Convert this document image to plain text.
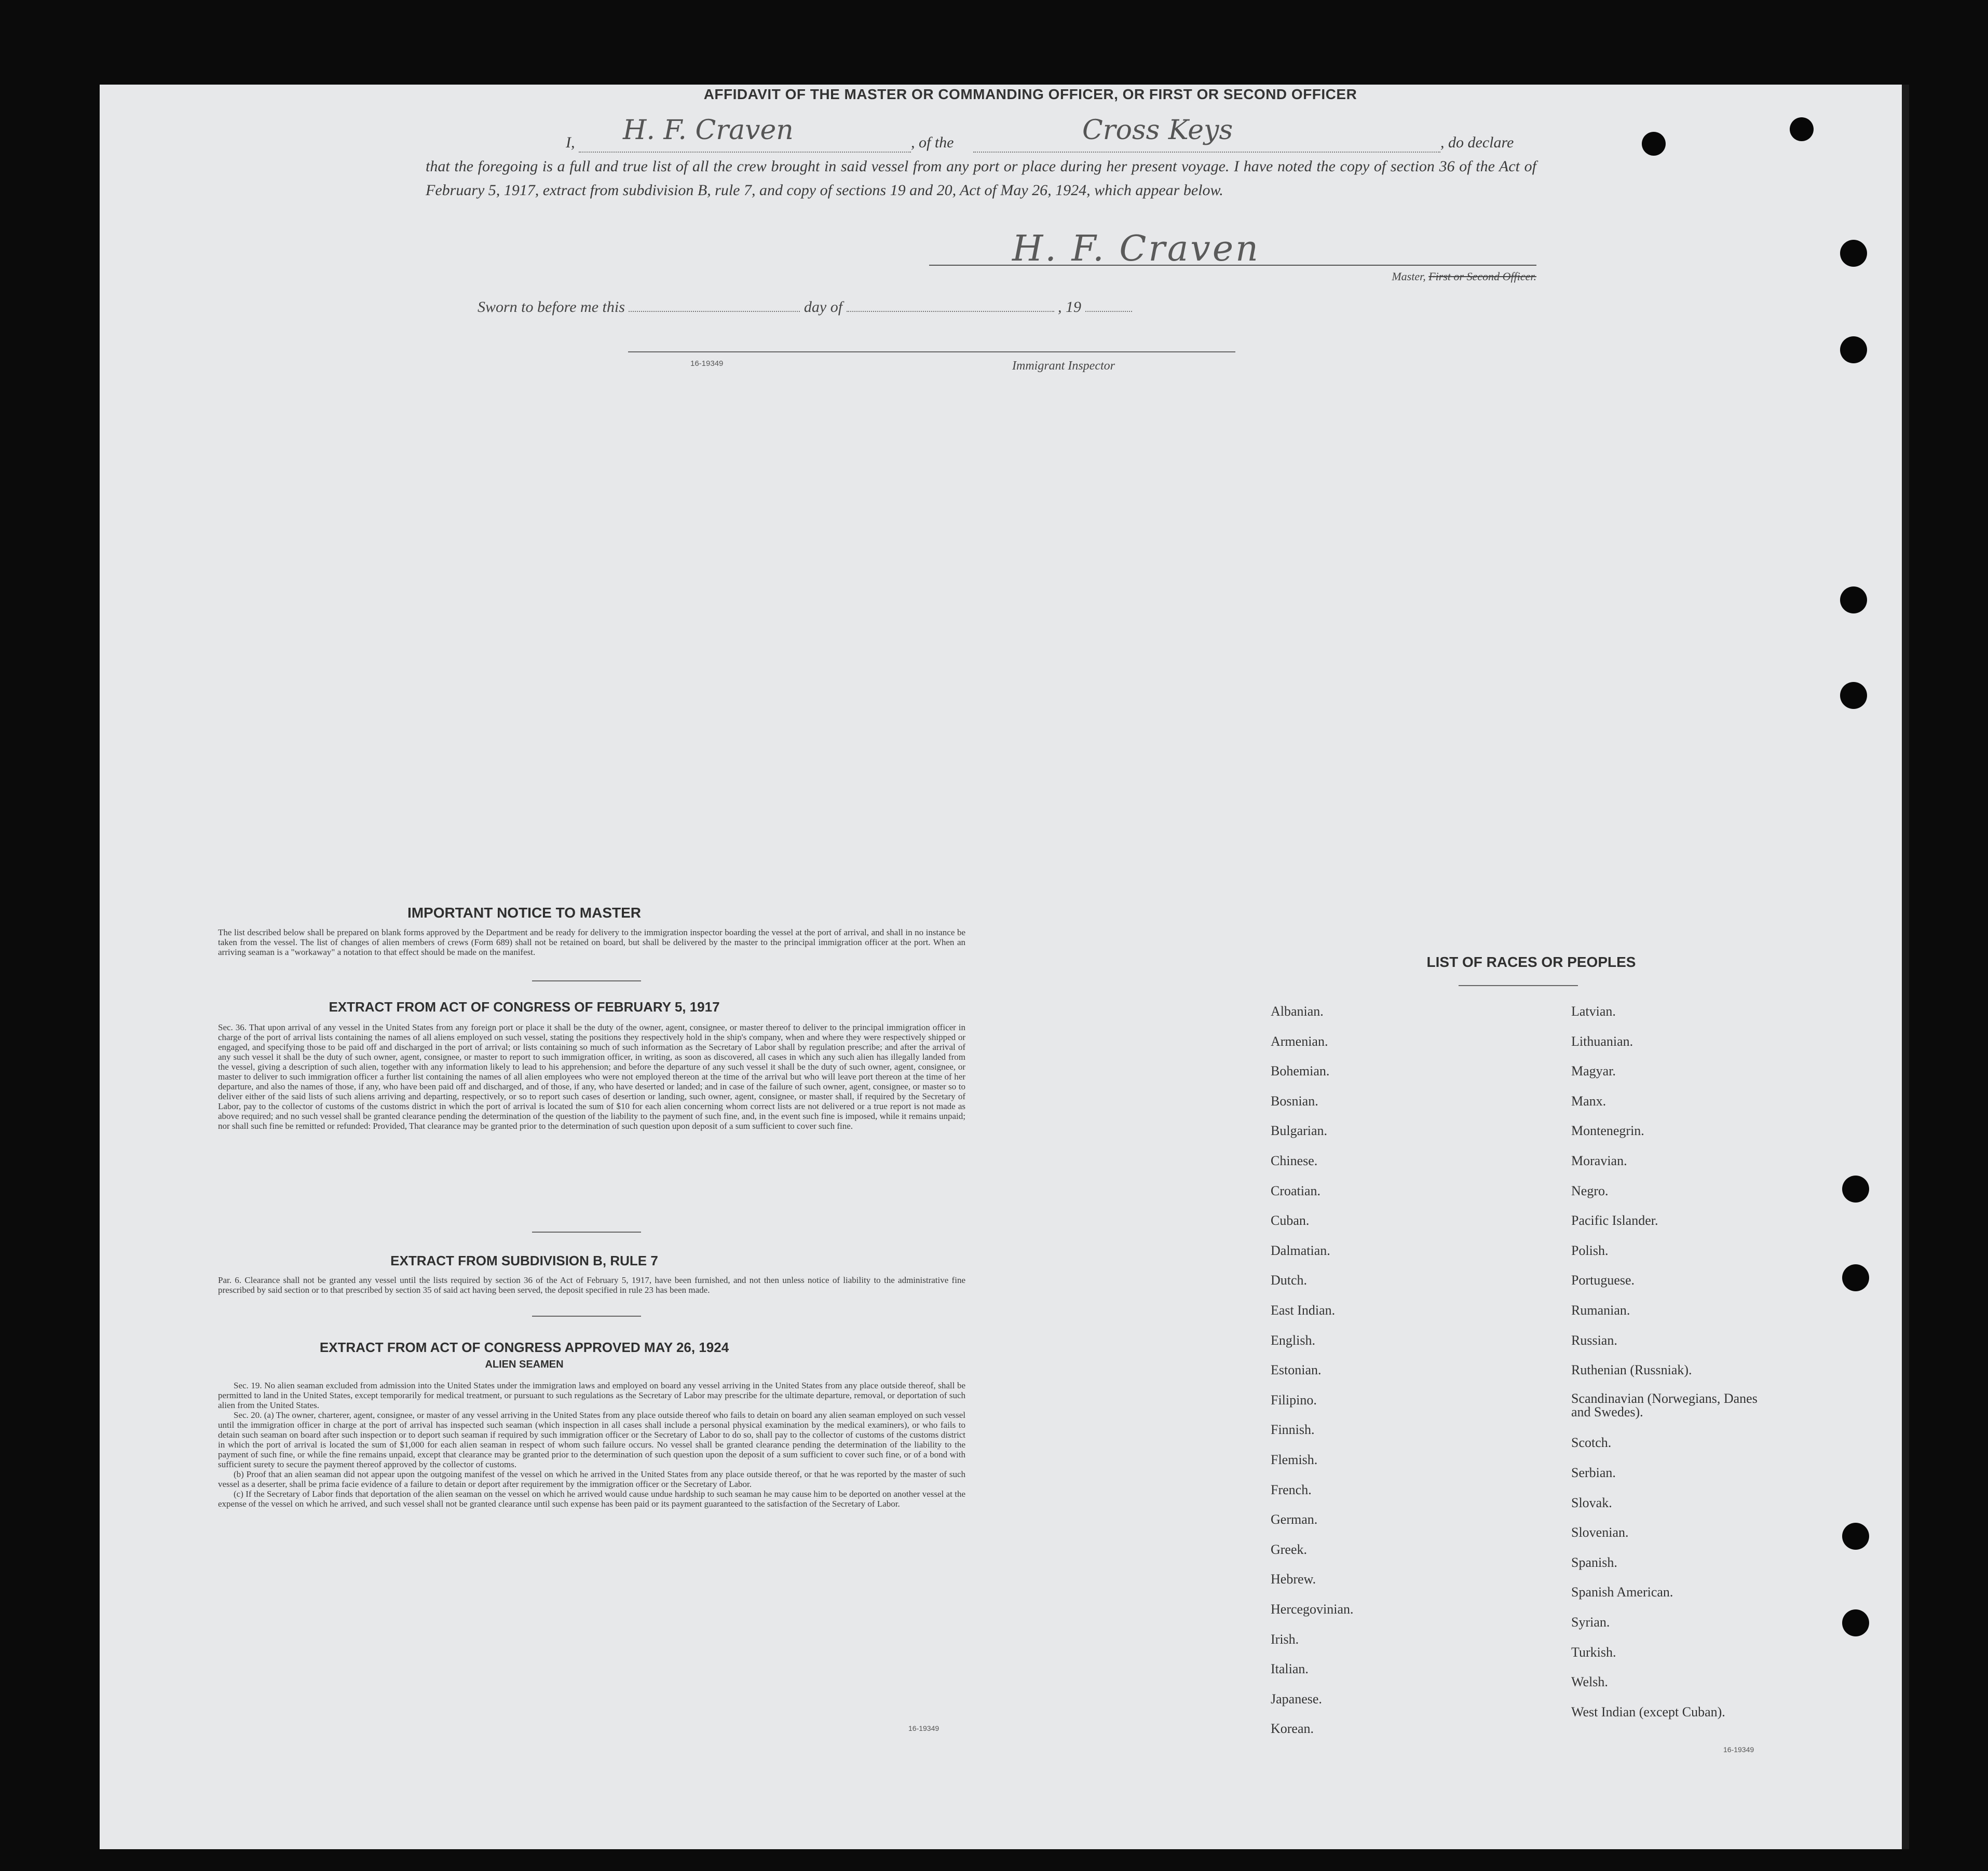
AFFIDAVIT OF THE MASTER OR COMMANDING OFFICER, OR FIRST OR SECOND OFFICER
I, H. F. Craven	, of the	Cross Keys	, do declare
that the foregoing is a full and true list of all the crew brought in said vessel from any port or place during her present voyage. I have noted the copy of section 36 of the Act of February 5, 1917, extract from subdivision B, rule 7, and copy of sections 19 and 20, Act of May 26, 1924, which appear below.
H. F. Craven
Master, First or Second Officer.
Sworn to before me this	day of	, 19
16-19349	Immigrant Inspector
IMPORTANT NOTICE TO MASTER
The list described below shall be prepared on blank forms approved by the Department and be ready for delivery to the immigration inspector boarding the vessel at the port of arrival, and shall in no instance be taken from the vessel. The list of changes of alien members of crews (Form 689) shall not be retained on board, but shall be delivered by the master to the principal immigration officer at the port. When an arriving seaman is a "workaway" a notation to that effect should be made on the manifest.
EXTRACT FROM ACT OF CONGRESS OF FEBRUARY 5, 1917
Sec. 36. That upon arrival of any vessel in the United States from any foreign port or place it shall be the duty of the owner, agent, consignee, or master thereof to deliver to the principal immigration officer in charge of the port of arrival lists containing the names of all aliens employed on such vessel, stating the positions they respectively hold in the ship's company, when and where they were respectively shipped or engaged, and specifying those to be paid off and discharged in the port of arrival; or lists containing so much of such information as the Secretary of Labor shall by regulation prescribe; and after the arrival of any such vessel it shall be the duty of such owner, agent, consignee, or master to report to such immigration officer, in writing, as soon as discovered, all cases in which any such alien has illegally landed from the vessel, giving a description of such alien, together with any information likely to lead to his apprehension; and before the departure of any such vessel it shall be the duty of such owner, agent, consignee, or master to deliver to such immigration officer a further list containing the names of all alien employees who were not employed thereon at the time of the arrival but who will leave port thereon at the time of her departure, and also the names of those, if any, who have been paid off and discharged, and of those, if any, who have deserted or landed; and in case of the failure of such owner, agent, consignee, or master so to deliver either of the said lists of such aliens arriving and departing, respectively, or so to report such cases of desertion or landing, such owner, agent, consignee, or master shall, if required by the Secretary of Labor, pay to the collector of customs of the customs district in which the port of arrival is located the sum of $10 for each alien concerning whom correct lists are not delivered or a true report is not made as above required; and no such vessel shall be granted clearance pending the determination of the question of the liability to the payment of such fine, and, in the event such fine is imposed, while it remains unpaid; nor shall such fine be remitted or refunded: Provided, That clearance may be granted prior to the determination of such question upon deposit of a sum sufficient to cover such fine.
EXTRACT FROM SUBDIVISION B, RULE 7
Par. 6. Clearance shall not be granted any vessel until the lists required by section 36 of the Act of February 5, 1917, have been furnished, and not then unless notice of liability to the administrative fine prescribed by said section or to that prescribed by section 35 of said act having been served, the deposit specified in rule 23 has been made.
EXTRACT FROM ACT OF CONGRESS APPROVED MAY 26, 1924
ALIEN SEAMEN

Sec. 19. No alien seaman excluded from admission into the United States under the immigration laws and employed on board any vessel arriving in the United States from any place outside thereof, shall be permitted to land in the United States, except temporarily for medical treatment, or pursuant to such regulations as the Secretary of Labor may prescribe for the ultimate departure, removal, or deportation of such alien from the United States.

Sec. 20. (a) The owner, charterer, agent, consignee, or master of any vessel arriving in the United States from any place outside thereof who fails to detain on board any alien seaman employed on such vessel until the immigration officer in charge at the port of arrival has inspected such seaman (which inspection in all cases shall include a personal physical examination by the medical examiners), or who fails to detain such seaman on board after such inspection or to deport such seaman if required by such immigration officer or the Secretary of Labor to do so, shall pay to the collector of customs of the customs district in which the port of arrival is located the sum of $1,000 for each alien seaman in respect of whom such failure occurs. No vessel shall be granted clearance pending the determination of the liability to the payment of such fine, or while the fine remains unpaid, except that clearance may be granted prior to the determination of such question upon the deposit of a sum sufficient to cover such fine, or of a bond with sufficient surety to secure the payment thereof approved by the collector of customs.

(b) Proof that an alien seaman did not appear upon the outgoing manifest of the vessel on which he arrived in the United States from any place outside thereof, or that he was reported by the master of such vessel as a deserter, shall be prima facie evidence of a failure to detain or deport after requirement by the immigration officer or the Secretary of Labor.

(c) If the Secretary of Labor finds that deportation of the alien seaman on the vessel on which he arrived would cause undue hardship to such seaman he may cause him to be deported on another vessel at the expense of the vessel on which he arrived, and such vessel shall not be granted clearance until such expense has been paid or its payment guaranteed to the satisfaction of the Secretary of Labor.

16-19349
LIST OF RACES OR PEOPLES
Albanian.
Armenian.
Bohemian.
Bosnian.
Bulgarian.
Chinese.
Croatian.
Cuban.
Dalmatian.
Dutch.
East Indian.
English.
Estonian.
Filipino.
Finnish.
Flemish.
French.
German.
Greek.
Hebrew.
Hercegovinian.
Irish.
Italian.
Japanese.
Korean.
Latvian.
Lithuanian.
Magyar.
Manx.
Montenegrin.
Moravian.
Negro.
Pacific Islander.
Polish.
Portuguese.
Rumanian.
Russian.
Ruthenian (Russniak).
Scandinavian (Norwegians, Danes and Swedes).
Scotch.
Serbian.
Slovak.
Slovenian.
Spanish.
Spanish American.
Syrian.
Turkish.
Welsh.
West Indian (except Cuban).
16-19349
